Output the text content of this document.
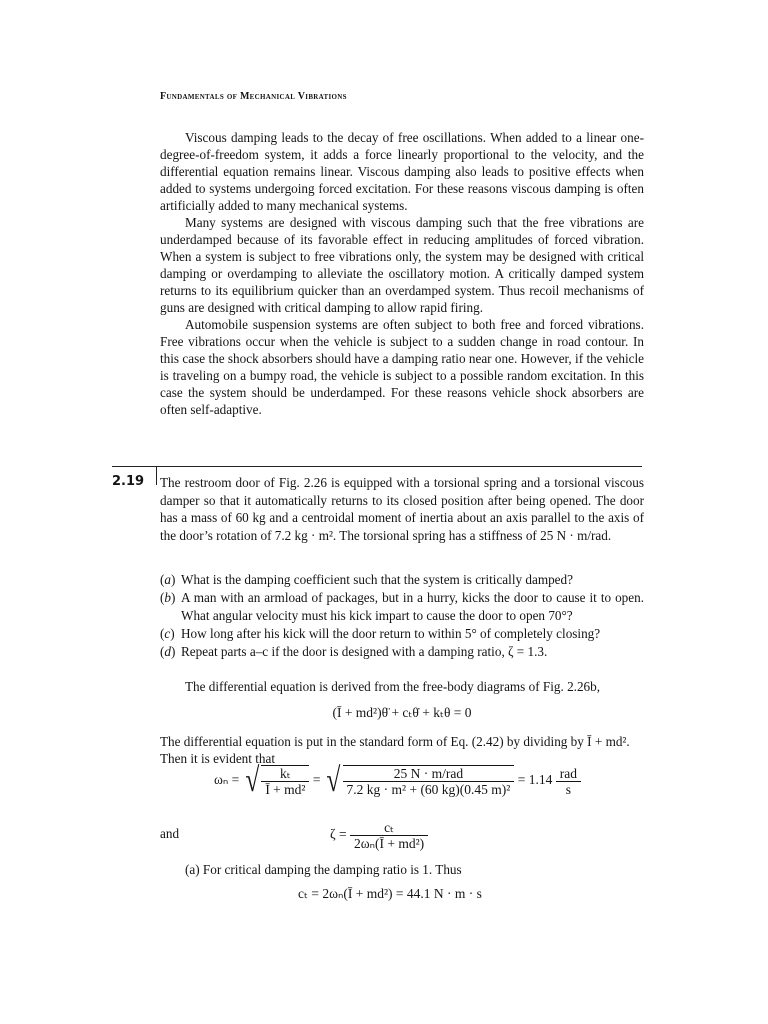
Fundamentals of Mechanical Vibrations

Viscous damping leads to the decay of free oscillations. When added to a linear one-degree-of-freedom system, it adds a force linearly proportional to the velocity, and the differential equation remains linear. Viscous damping also leads to positive effects when added to systems undergoing forced excitation. For these reasons viscous damping is often artificially added to many mechanical systems.

Many systems are designed with viscous damping such that the free vibrations are underdamped because of its favorable effect in reducing amplitudes of forced vibration. When a system is subject to free vibrations only, the system may be designed with critical damping or overdamping to alleviate the oscillatory motion. A critically damped system returns to its equilibrium quicker than an overdamped system. Thus recoil mechanisms of guns are designed with critical damping to allow rapid firing.

Automobile suspension systems are often subject to both free and forced vibrations. Free vibrations occur when the vehicle is subject to a sudden change in road contour. In this case the shock absorbers should have a damping ratio near one. However, if the vehicle is traveling on a bumpy road, the vehicle is subject to a possible random excitation. In this case the system should be underdamped. For these reasons vehicle shock absorbers are often self-adaptive.

2.19 The restroom door of Fig. 2.26 is equipped with a torsional spring and a torsional viscous damper so that it automatically returns to its closed position after being opened. The door has a mass of 60 kg and a centroidal moment of inertia about an axis parallel to the axis of the door’s rotation of 7.2 kg · m². The torsional spring has a stiffness of 25 N · m/rad.

( a ) What is the damping coefficient such that the system is critically damped?
( b ) A man with an armload of packages, but in a hurry, kicks the door to cause it to open. What angular velocity must his kick impart to cause the door to open 70°?
( c ) How long after his kick will the door return to within 5° of completely closing?
( d ) Repeat parts a–c if the door is designed with a damping ratio, ζ = 1.3.
The differential equation is derived from the free-body diagrams of Fig. 2.26b,
(Ī + md²)θ̈ + cₜθ̇ + kₜθ = 0
The differential equation is put in the standard form of Eq. (2.42) by dividing by Ī + md². Then it is evident that
ωₙ = √ $\frac{\text{kₜ}}{\text{Ī + md²}}$ = √ $\frac{\text{25 N · m/rad}}{\text{7.2 kg · m² + (60 kg)(0.45 m)²}} = 1.14 \frac{\text{rad}}{s}$
and	$\zeta = \frac{\text{cₜ}}{\text{2ωₙ(Ī + md²)}}$
(a) For critical damping the damping ratio is 1. Thus
cₜ = 2ωₙ(Ī + md²) = 44.1 N · m · s
